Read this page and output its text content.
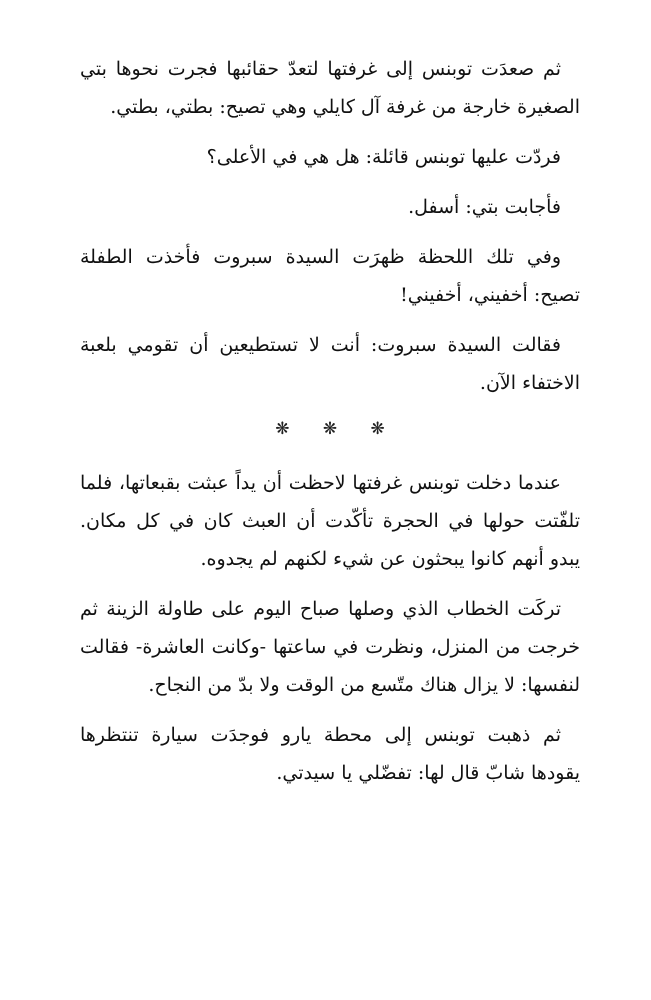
ثم صعدَت توبنس إلى غرفتها لتعدّ حقائبها فجرت نحوها بتي الصغيرة خارجة من غرفة آل كايلي وهي تصيح: بطتي، بطتي.

فردّت عليها توبنس قائلة: هل هي في الأعلى؟

فأجابت بتي: أسفل.

وفي تلك اللحظة ظهرَت السيدة سبروت فأخذت الطفلة تصيح: أخفيني، أخفيني!

فقالت السيدة سبروت: أنت لا تستطيعين أن تقومي بلعبة الاختفاء الآن.

❋ ❋ ❋

عندما دخلت توبنس غرفتها لاحظت أن يداً عبثت بقبعاتها، فلما تلفّتت حولها في الحجرة تأكّدت أن العبث كان في كل مكان. يبدو أنهم كانوا يبحثون عن شيء لكنهم لم يجدوه.

تركَت الخطاب الذي وصلها صباح اليوم على طاولة الزينة ثم خرجت من المنزل، ونظرت في ساعتها -وكانت العاشرة- فقالت لنفسها: لا يزال هناك متّسع من الوقت ولا بدّ من النجاح.

ثم ذهبت توبنس إلى محطة يارو فوجدَت سيارة تنتظرها يقودها شابّ قال لها: تفضّلي يا سيدتي.
